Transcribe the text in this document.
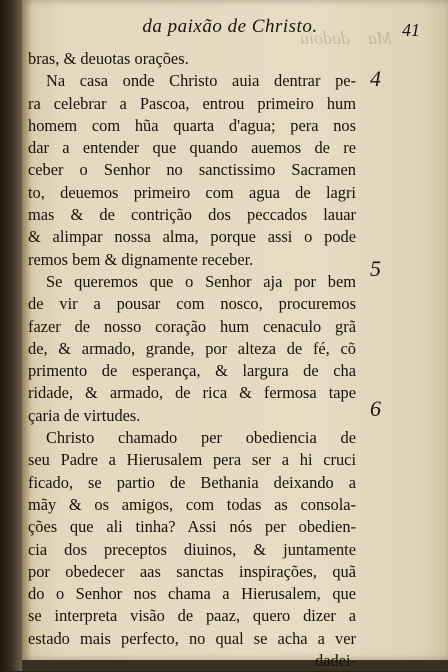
Ma    dadoiu
da paixão de Christo.	41
bras, & deuotas orações.
Na casa onde Christo auia dentrar pe-
ra celebrar a Pascoa, entrou primeiro hum
homem com hũa quarta d'agua; pera nos
dar a entender que quando auemos de re
ceber o Senhor no sanctissimo Sacramen
to, deuemos primeiro com agua de lagri
mas & de contrição dos peccados lauar
& alimpar nossa alma, porque assi o pode
remos bem & dignamente receber.
Se queremos que o Senhor aja por bem
de vir a pousar com nosco, procuremos
fazer de nosso coração hum cenaculo grã
de, & armado, grande, por alteza de fé, cõ
primento de esperança, & largura de cha
ridade, & armado, de rica & fermosa tape
çaria de virtudes.
Christo chamado per obediencia de
seu Padre a Hierusalem pera ser a hi cruci
ficado, se partio de Bethania deixando a
mãy & os amigos, com todas as consola-
ções que ali tinha? Assi nós per obedien-
cia dos preceptos diuinos, & juntamente
por obedecer aas sanctas inspirações, quã
do o Senhor nos chama a Hierusalem, que
se interpreta visão de paaz, quero dizer a
estado mais perfecto, no qual se acha a ver
dadei-
4
5
6
